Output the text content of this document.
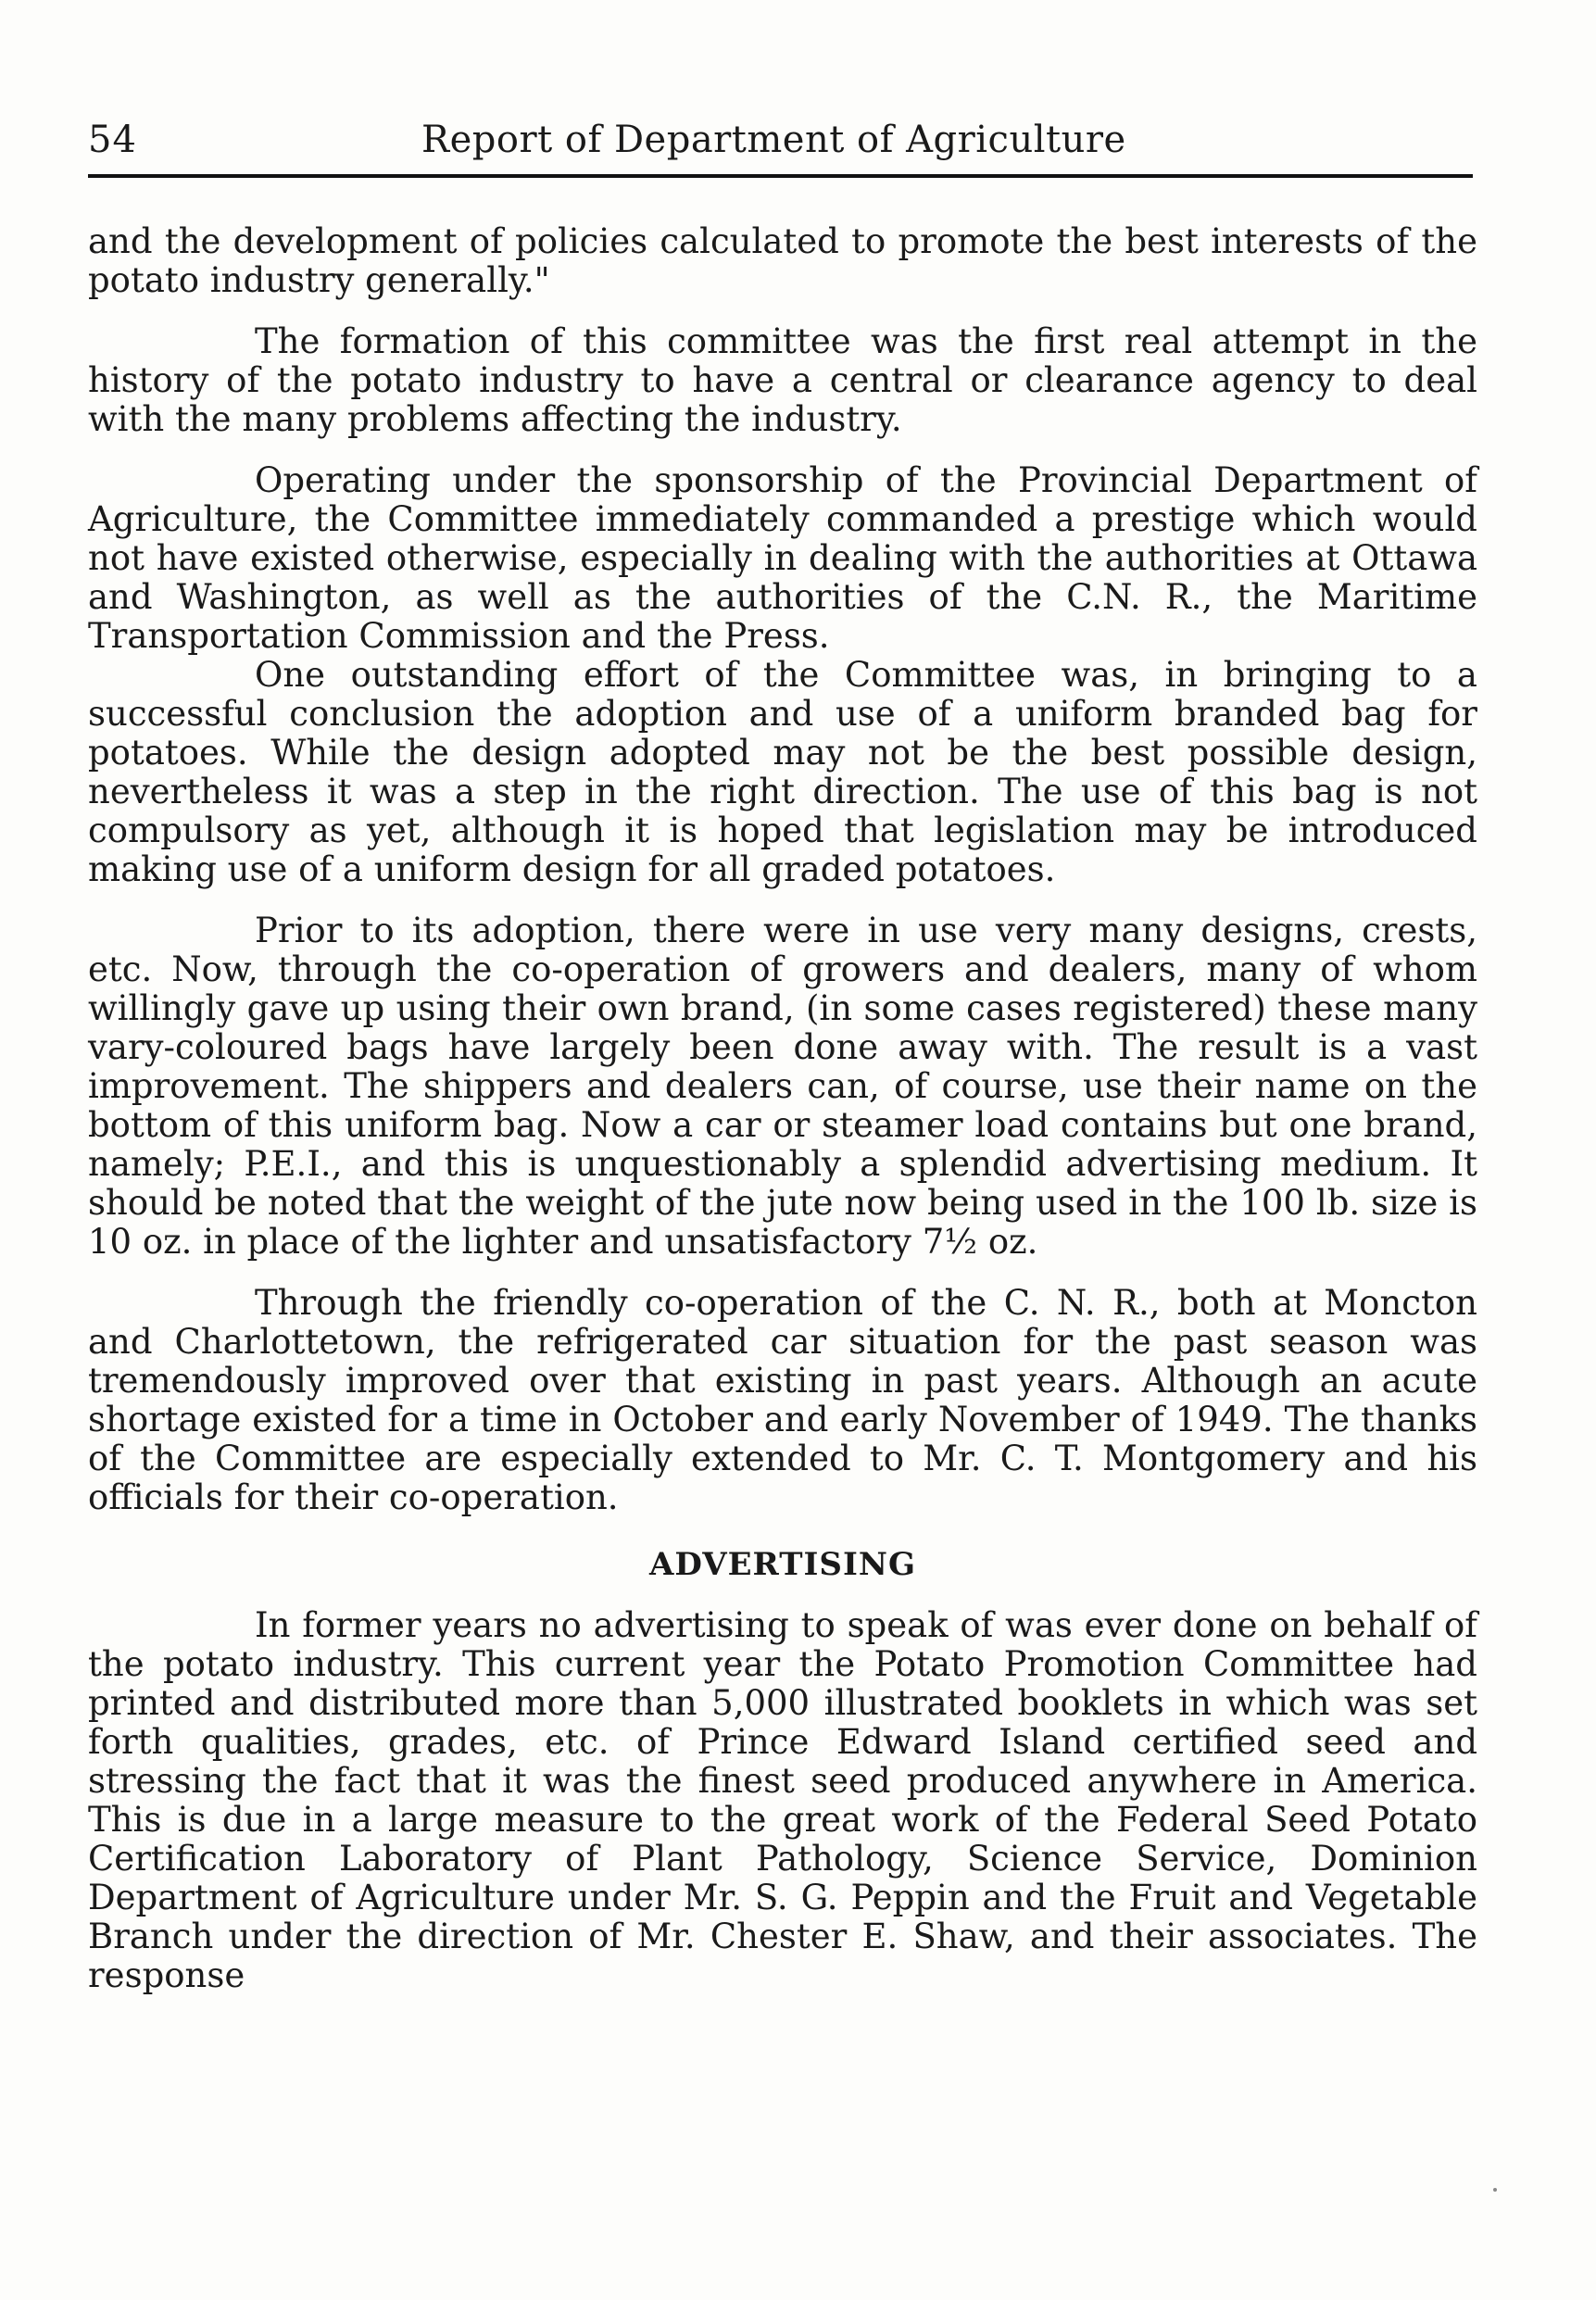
54	Report of Department of Agriculture

and the development of policies calculated to promote the best interests of the potato industry generally."

The formation of this committee was the first real attempt in the history of the potato industry to have a central or clearance agency to deal with the many problems affecting the industry.

Operating under the sponsorship of the Provincial Department of Agriculture, the Committee immediately commanded a prestige which would not have existed otherwise, especially in dealing with the authorities at Ottawa and Washington, as well as the authorities of the C.N. R., the Maritime Transportation Commission and the Press.

One outstanding effort of the Committee was, in bringing to a successful conclusion the adoption and use of a uniform branded bag for potatoes. While the design adopted may not be the best possible design, nevertheless it was a step in the right direction. The use of this bag is not compulsory as yet, although it is hoped that legislation may be introduced making use of a uniform design for all graded potatoes.

Prior to its adoption, there were in use very many designs, crests, etc. Now, through the co-operation of growers and dealers, many of whom willingly gave up using their own brand, (in some cases registered) these many vary-coloured bags have largely been done away with. The result is a vast improvement. The shippers and dealers can, of course, use their name on the bottom of this uniform bag. Now a car or steamer load contains but one brand, namely; P.E.I., and this is unquestionably a splendid advertising medium. It should be noted that the weight of the jute now being used in the 100 lb. size is 10 oz. in place of the lighter and unsatisfactory 7½ oz.

Through the friendly co-operation of the C. N. R., both at Moncton and Charlottetown, the refrigerated car situation for the past season was tremendously improved over that existing in past years. Although an acute shortage existed for a time in October and early November of 1949. The thanks of the Committee are especially extended to Mr. C. T. Montgomery and his officials for their co-operation.

ADVERTISING

In former years no advertising to speak of was ever done on behalf of the potato industry. This current year the Potato Promotion Committee had printed and distributed more than 5,000 illustrated booklets in which was set forth qualities, grades, etc. of Prince Edward Island certified seed and stressing the fact that it was the finest seed produced anywhere in America. This is due in a large measure to the great work of the Federal Seed Potato Certification Laboratory of Plant Pathology, Science Service, Dominion Department of Agriculture under Mr. S. G. Peppin and the Fruit and Vegetable Branch under the direction of Mr. Chester E. Shaw, and their associates. The response
